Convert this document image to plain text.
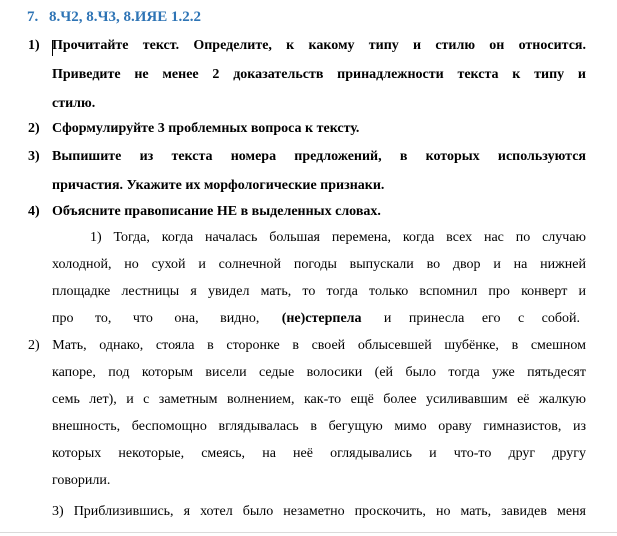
7. 8.Ч2, 8.Ч3, 8.ИЯЕ 1.2.2
1) Прочитайте текст. Определите, к какому типу и стилю он относится.
Приведите не менее 2 доказательств принадлежности текста к типу и
стилю.
2) Сформулируйте 3 проблемных вопроса к тексту.
3) Выпишите из текста номера предложений, в которых используются
причастия. Укажите их морфологические признаки.
4) Объясните правописание НЕ в выделенных словах.
1) Тогда, когда началась большая перемена, когда всех нас по случаю
холодной, но сухой и солнечной погоды выпускали во двор и на нижней
площадке лестницы я увидел мать, то тогда только вспомнил про конверт и
про то, что она, видно, (не)стерпела и принесла его с собой.
2) Мать, однако, стояла в сторонке в своей облысевшей шубёнке, в смешном
капоре, под которым висели седые волосики (ей было тогда уже пятьдесят
семь лет), и с заметным волнением, как-то ещё более усиливавшим её жалкую
внешность, беспомощно вглядывалась в бегущую мимо ораву гимназистов, из
которых некоторые, смеясь, на неё оглядывались и что-то друг другу
говорили.
3) Приблизившись, я хотел было незаметно проскочить, но мать, завидев меня
